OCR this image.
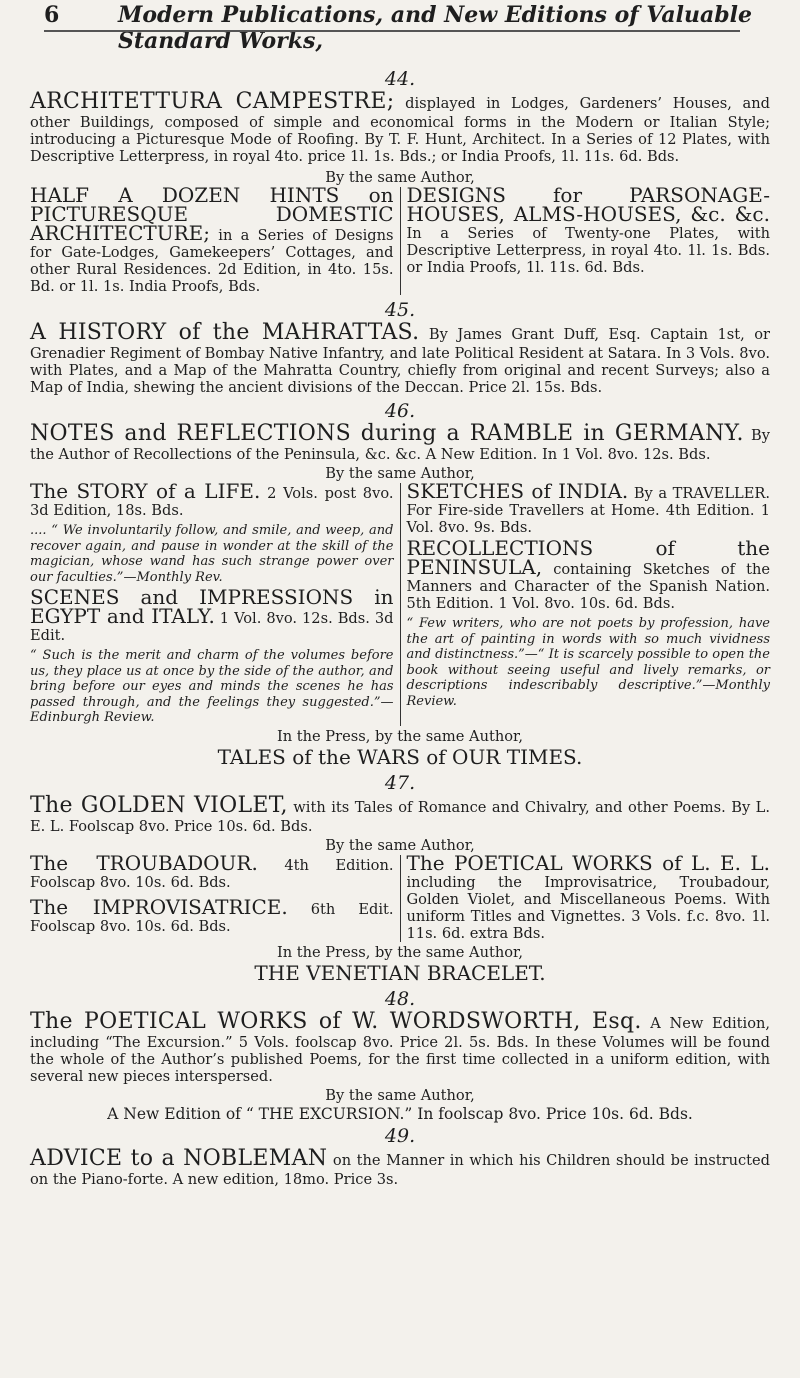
6	Modern Publications, and New Editions of Valuable Standard Works,

44.

ARCHITETTURA CAMPESTRE; displayed in Lodges, Gardeners’ Houses, and other Buildings, composed of simple and economical forms in the Modern or Italian Style; introducing a Picturesque Mode of Roofing. By T. F. Hunt, Architect. In a Series of 12 Plates, with Descriptive Letterpress, in royal 4to. price 1l. 1s. Bds.; or India Proofs, 1l. 11s. 6d. Bds.

By the same Author,

HALF A DOZEN HINTS on PICTURESQUE DOMESTIC ARCHITECTURE; in a Series of Designs for Gate-Lodges, Gamekeepers’ Cottages, and other Rural Residences. 2d Edition, in 4to. 15s. Bd. or 1l. 1s. India Proofs, Bds.
DESIGNS for PARSONAGE-HOUSES, ALMS-HOUSES, &c. &c. In a Series of Twenty-one Plates, with Descriptive Letterpress, in royal 4to. 1l. 1s. Bds. or India Proofs, 1l. 11s. 6d. Bds.

45.

A HISTORY of the MAHRATTAS. By James Grant Duff, Esq. Captain 1st, or Grenadier Regiment of Bombay Native Infantry, and late Political Resident at Satara. In 3 Vols. 8vo. with Plates, and a Map of the Mahratta Country, chiefly from original and recent Surveys; also a Map of India, shewing the ancient divisions of the Deccan. Price 2l. 15s. Bds.

46.

NOTES and REFLECTIONS during a RAMBLE in GERMANY. By the Author of Recollections of the Peninsula, &c. &c. A New Edition. In 1 Vol. 8vo. 12s. Bds.

By the same Author,

The STORY of a LIFE. 2 Vols. post 8vo. 3d Edition, 18s. Bds.

.... “ We involuntarily follow, and smile, and weep, and recover again, and pause in wonder at the skill of the magician, whose wand has such strange power over our faculties.”—Monthly Rev.

SCENES and IMPRESSIONS in EGYPT and ITALY. 1 Vol. 8vo. 12s. Bds. 3d Edit.

“ Such is the merit and charm of the volumes before us, they place us at once by the side of the author, and bring before our eyes and minds the scenes he has passed through, and the feelings they suggested.”—Edinburgh Review.

SKETCHES of INDIA. By a TRAVELLER. For Fire-side Travellers at Home. 4th Edition. 1 Vol. 8vo. 9s. Bds.
RECOLLECTIONS of the PENINSULA, containing Sketches of the Manners and Character of the Spanish Nation. 5th Edition. 1 Vol. 8vo. 10s. 6d. Bds.

“ Few writers, who are not poets by profession, have the art of painting in words with so much vividness and distinctness.”—“ It is scarcely possible to open the book without seeing useful and lively remarks, or descriptions indescribably descriptive.”—Monthly Review.

In the Press, by the same Author,

TALES of the WARS of OUR TIMES.

47.

The GOLDEN VIOLET, with its Tales of Romance and Chivalry, and other Poems. By L. E. L. Foolscap 8vo. Price 10s. 6d. Bds.

By the same Author,

The TROUBADOUR. 4th Edition. Foolscap 8vo. 10s. 6d. Bds.
The IMPROVISATRICE. 6th Edit. Foolscap 8vo. 10s. 6d. Bds.
The POETICAL WORKS of L. E. L. including the Improvisatrice, Troubadour, Golden Violet, and Miscellaneous Poems. With uniform Titles and Vignettes. 3 Vols. f.c. 8vo. 1l. 11s. 6d. extra Bds.

In the Press, by the same Author,

THE VENETIAN BRACELET.

48.

The POETICAL WORKS of W. WORDSWORTH, Esq. A New Edition, including “The Excursion.” 5 Vols. foolscap 8vo. Price 2l. 5s. Bds. In these Volumes will be found the whole of the Author’s published Poems, for the first time collected in a uniform edition, with several new pieces interspersed.

By the same Author,

A New Edition of “ THE EXCURSION.” In foolscap 8vo. Price 10s. 6d. Bds.

49.

ADVICE to a NOBLEMAN on the Manner in which his Children should be instructed on the Piano-forte. A new edition, 18mo. Price 3s.
